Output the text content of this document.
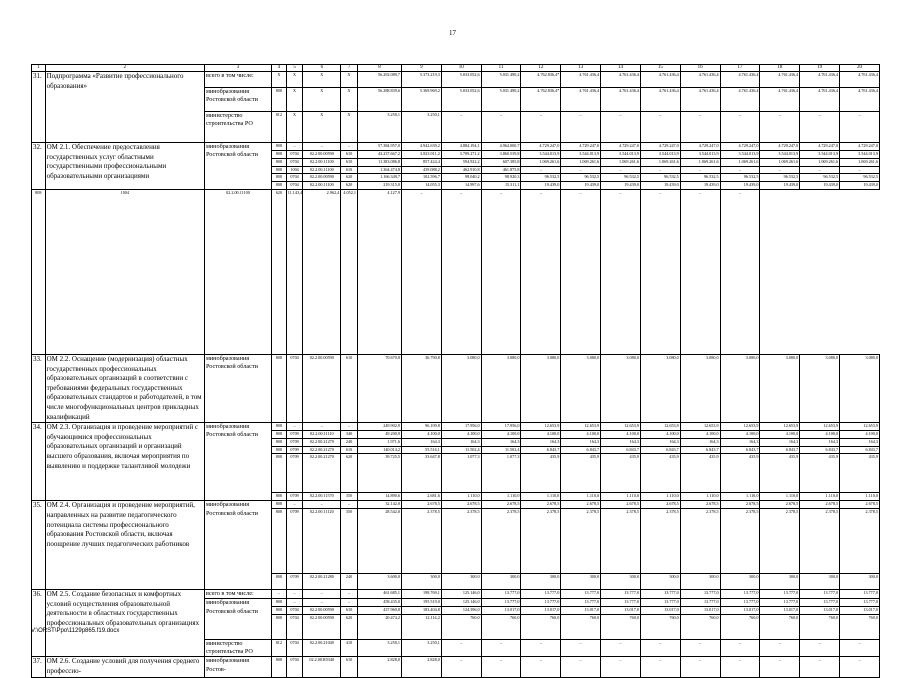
17
1	2	3	4	5	6	7	8	9	10	11	12	13	14	15	16	17	18	19	20
31.	Подпрограмма «Развитие профессионального образования»	всего в том числе:	X	X	X	X	56.292.089,7	5.373.219,3	5.033.052,6	5.031.490,2	4.762.836,4*	4.761.436,4	4.761.436,4	4.761.436,4	4.761.436,4	4.761.436,4	4.761.436,4	4.761.436,4	4.761.436,4
		минобразования Ростовской области	808	X	X	X	56.288.839,6	5.369.969,2	5.033.052,6	5.031.490,2	4.762.836,4*	4.761.436,4	4.761.436,4	4.761.436,4	4.761.436,4	4.761.436,4	4.761.436,4	4.761.436,4	4.761.436,4
		министерство строительства РО	812	X	X	X	3.250,1	3.250,1	–	–	–	–	–	–	–	–	–	–	–
32.	ОМ 2.1. Обеспечение предоставления государственных услуг областными государственными профессиональными образовательными организациями	минобразования Ростовской области	808	–	–	–	57.384.957,0	4.942.639,2	4.884.194,1	4.964.000,7	4.729.247,0	4.729.247,0	4.729.247,0	4.729.247,0	4.729.247,0	4.729.247,0	4.729.247,0	4.729.247,0	4.729.247,0
			808	0704	02.2.00.00590	610	43.237.667,2	3.823.911,2	3.709.271,2	3.860.539,8	3.544.013,9	3.544.013,9	3.544.013,9	3.544.013,9	3.544.013,9	3.544.013,9	3.544.013,9	3.544.013,9	3.544.013,9
			808	0704	02.2.00.11100	610	11.383.086,8	857.424,4	594.922,2	607.385,8	1.069.261,6	1.069.261,6	1.069.261,6	1.069.261,6	1.069.261,6	1.069.261,6	1.069.261,6	1.069.261,6	1.069.261,6
			808	1004	02.2.00.11100	610	1.364.474,8	439.088,2	462.910,8	461.875,8	–	–	–	–	–	–	–	–	–
			808	0704	02.2.00.00590	620	1.166.349,7	102.596,7	98.040,2	98.920,3	96.532,5	96.532,5	96.532,5	96.532,5	96.532,5	96.532,5	96.532,5	96.532,5	96.532,5
			808	0704	02.2.00.11100	620	219.315,0	14.055,3	14.997,6	15.311,1	19.439,0	19.439,0	19.439,0	19.439,0	19.439,0	19.439,0	19.439,0	19.439,0	19.439,0
808	1004	02.2.00.11100	620	11.143,4	2.962,4	4.052,1	4.127,9	–	–	–	–	–	–	–	–	–			
33.	ОМ 2.2. Оснащение (модернизация) областных государственных профессиональных образовательных организаций в соответствии с требованиями федеральных государственных образовательных стандартов и работодателей, в том числе многофункциональных центров прикладных квалификаций	минобразования Ростовской области	808	0704	02.2.00.00590	610	70.670,8	36.790,8	3.080,0	3.080,0	3.080,0	3.080,0	3.080,0	3.080,0	3.080,0	3.080,0	3.080,0	3.080,0	3.080,0
34.	ОМ 2.3. Организация и проведение мероприятий с обучающимися профессиональных образовательных организаций и организаций высшего образования, включая мероприятия по выявлению и поддержке талантливой молодежи	минобразования Ростовской области	808	–	–	–	249.902,9	96.109,8	17.956,0	17.956,0	12.653,9	12.653,9	12.653,9	12.653,9	12.653,9	12.653,9	12.653,9	12.653,9	12.653,9
			808	0709	02.2.00.11110	340	49.200,9	4.100,0	4.100,0	4.100,0	4.100,0	4.100,0	4.100,0	4.100,0	4.100,0	4.100,0	4.100,0	4.100,0	4.100,0
			808	0709	02.2.00.21270	240	1.971,6	164,3	164,3	164,3	164,3	164,3	164,3	164,3	164,3	164,3	164,3	164,3	164,3
			808	0709	02.2.00.21270	610	140.014,2	55.516,1	11.502,4	11.502,4	6.843,7	6.843,7	6.843,7	6.843,7	6.843,7	6.843,7	6.843,7	6.843,7	6.843,7
			808	0709	02.2.00.21270	620	39.725,5	33.647,8	1.077,3	1.077,3	435,9	435,9	435,9	435,9	435,9	435,9	435,9	435,9	435,9
			808	0709	02.2.00.11570	350	14.890,6	2.681,6	1.110,0	1.110,0	1.110,0	1.110,0	1.110,0	1.110,0	1.110,0	1.110,0	1.110,0	1.110,0	1.110,0
35.	ОМ 2.4. Организация и проведение мероприятий, направленных на развитие педагогического потенциала системы профессионального образования Ростовской области, включая поощрение лучших педагогических работников	минобразования Ростовской области	808	–	–	–	32.142,0	2.678,5	2.678,5	2.678,5	2.678,5	2.678,5	2.678,5	2.678,5	2.678,5	2.678,5	2.678,5	2.678,5	2.678,5
			808	0709	02.2.00.11120	350	28.542,0	2.378,5	2.378,5	2.378,5	2.378,5	2.378,5	2.378,5	2.378,5	2.378,5	2.378,5	2.378,5	2.378,5	2.378,5
			808	0709	02.2.00.21280	240	3.600,0	300,0	300,0	300,0	300,0	300,0	300,0	300,0	300,0	300,0	300,0	300,0	300,0
36.	ОМ 2.5. Создание безопасных и комфортных условий осуществления образовательной деятельности в областных государственных профессиональных образовательных организациях	всего в том числе:	–	–	–	–	461.685,1	198.769,1	125.146,0	13.777,0	13.777,0	13.777,0	13.777,0	13.777,0	13.777,0	13.777,0	13.777,0	13.777,0	13.777,0
		минобразования Ростовской области	808	–	–	–	458.435,0	195.519,0	125.146,0	13.777,0	13.777,0	13.777,0	13.777,0	13.777,0	13.777,0	13.777,0	13.777,0	13.777,0	13.777,0
			808	0704	02.2.00.00590	610	437.960,8	183.404,8	124.396,0	13.017,0	13.017,0	13.017,0	13.017,0	13.017,0	13.017,0	13.017,0	13.017,0	13.017,0	13.017,0
			808	0704	02.2.00.00590	620	20.474,2	12.114,2	760,0	760,0	760,0	760,0	760,0	760,0	760,0	760,0	760,0	760,0	760,0
		министерство строительства РО	812	0704	02.2.00.21040	410	3.250,1	3.250,1	–	–	–	–	–	–	–	–	–	–	–
37.	ОМ 2.6. Создание условий для получения среднего профессио-	минобразования Ростов-	808	0704	02.2.00.R5340	610	2.828,0	2.828,0	–	–	–	–	–	–	–	–	–	–	–
V:\ORST\Ppo\1129p865.f19.docx
